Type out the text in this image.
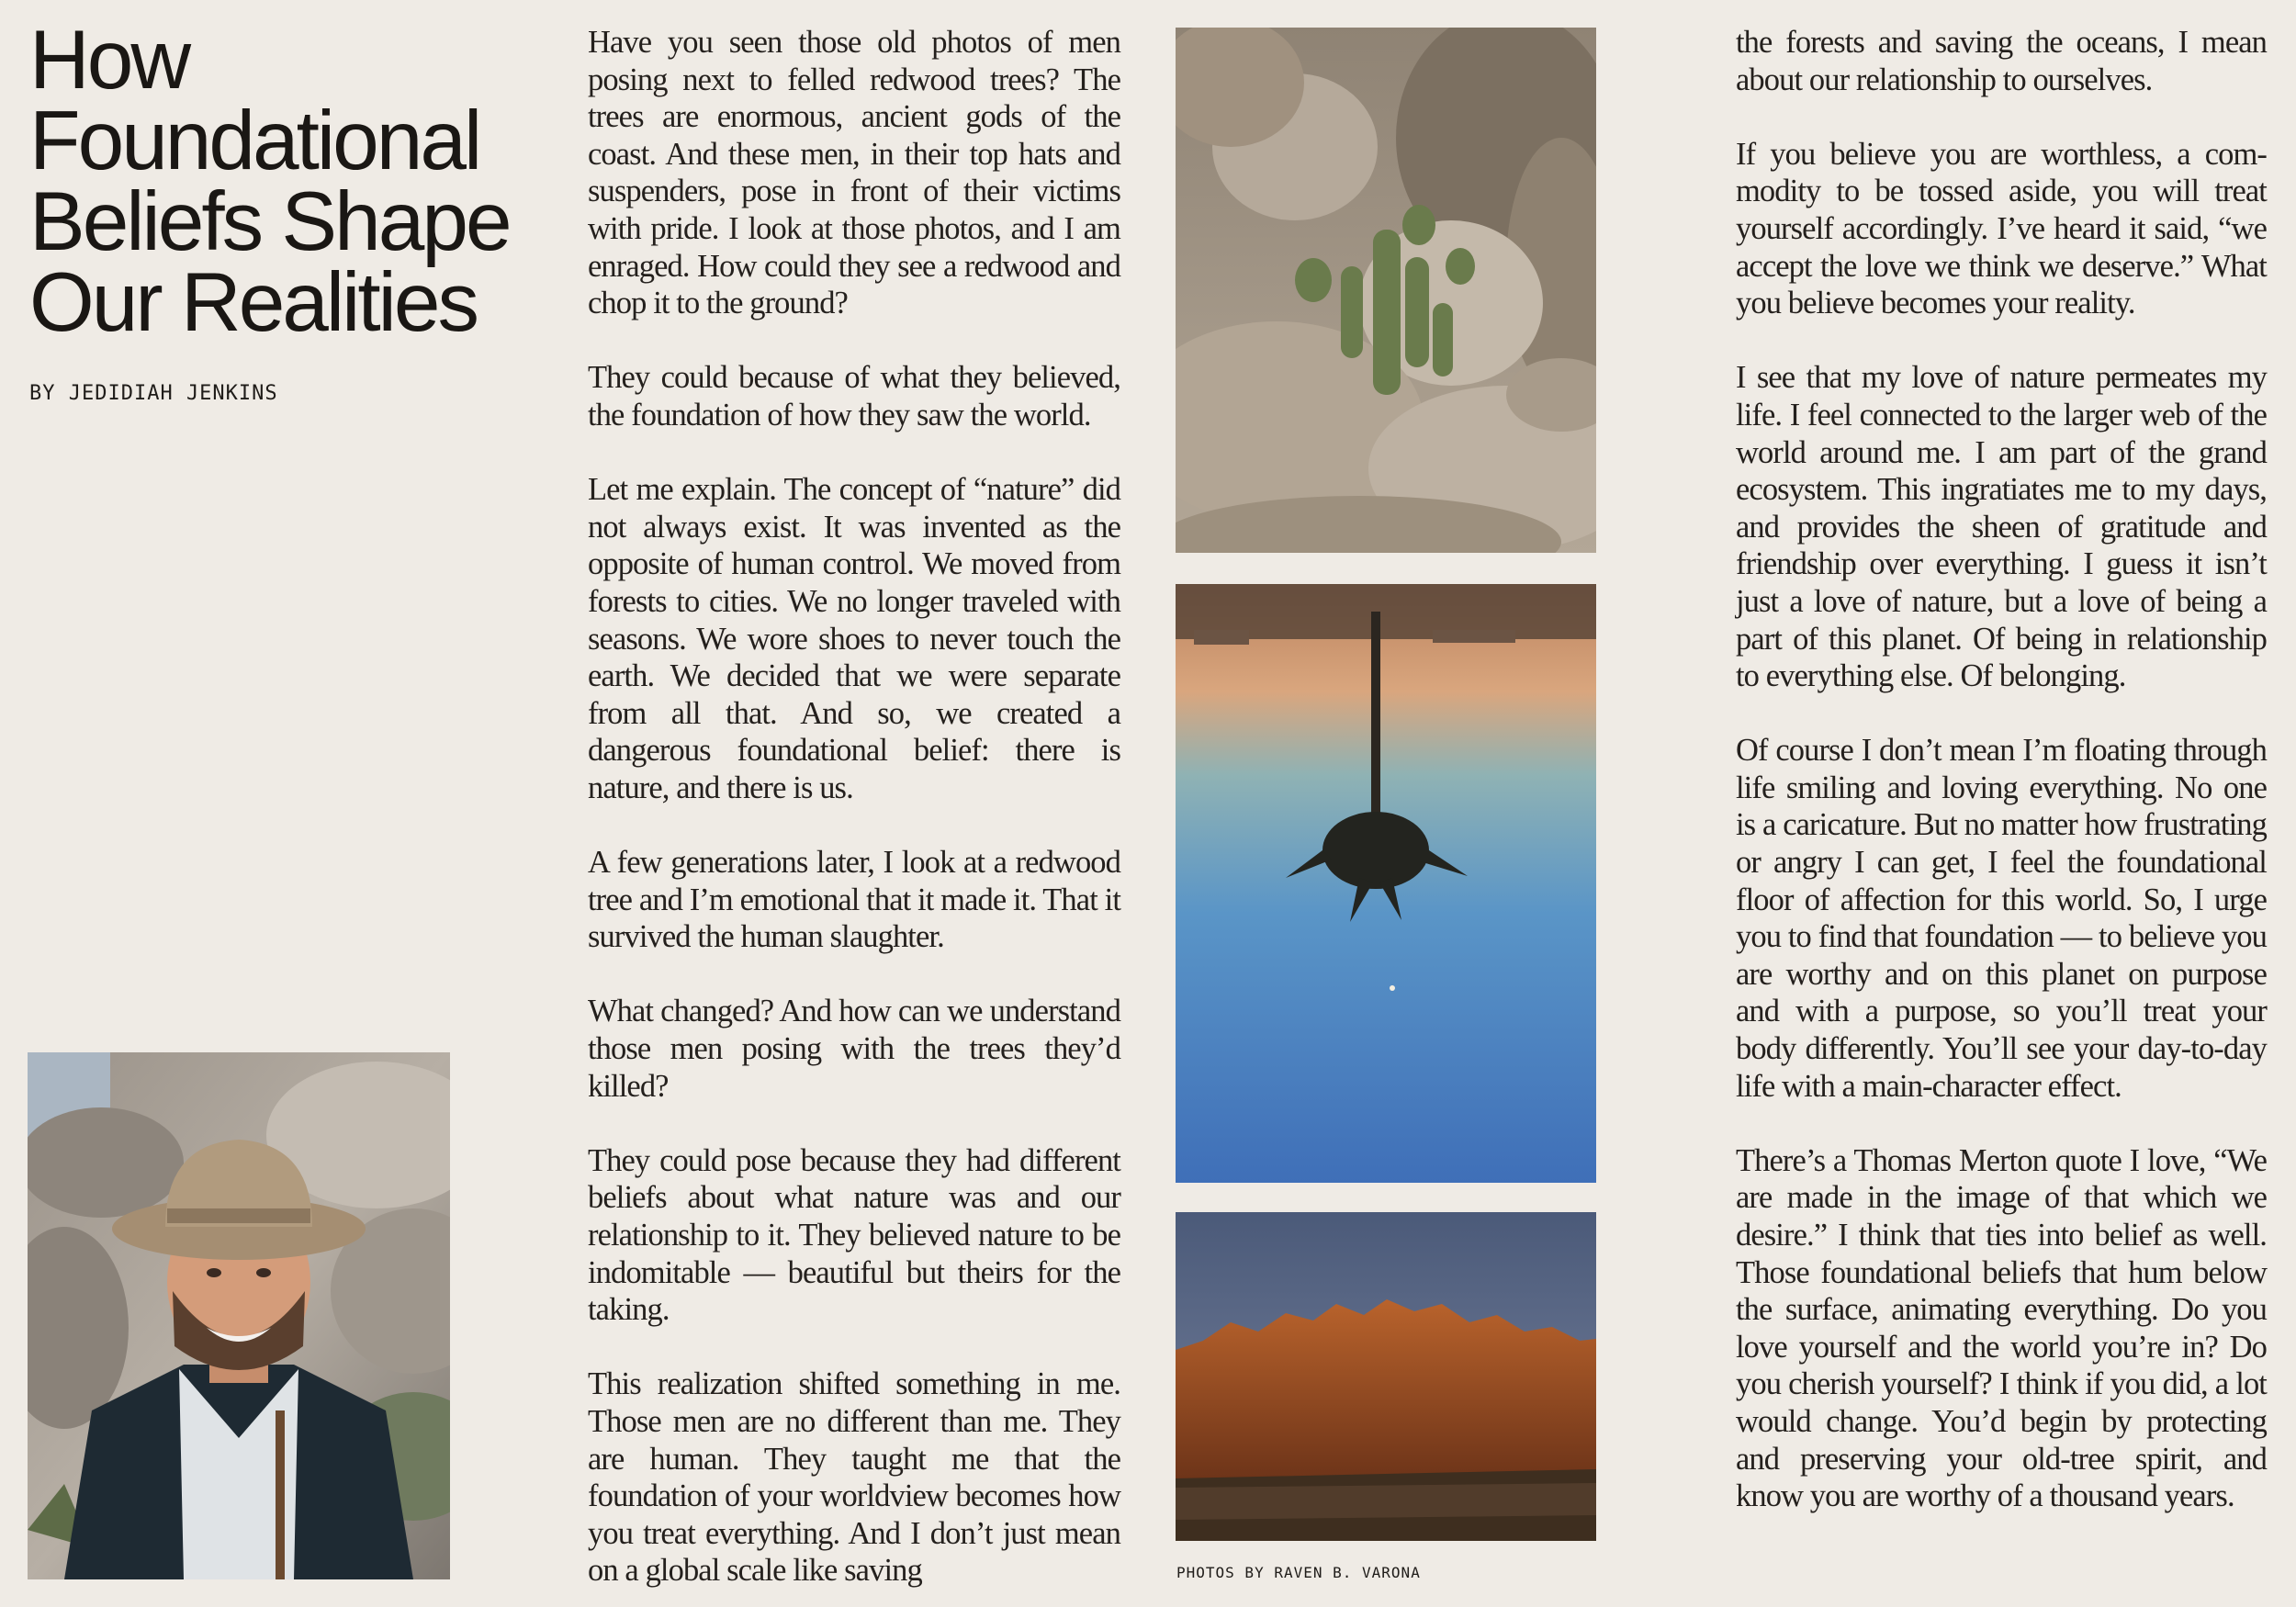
How Foundational Beliefs Shape Our Realities
BY JEDIDIAH JENKINS

Have you seen those old photos of men posing next to felled redwood trees? The trees are enormous, ancient gods of the coast. And these men, in their top hats and suspenders, pose in front of their victims with pride. I look at those photos, and I am enraged. How could they see a redwood and chop it to the ground?

They could because of what they believed, the foundation of how they saw the world.

Let me explain. The concept of “nature” did not always exist. It was invented as the opposite of human control. We moved from forests to cities. We no longer traveled with seasons. We wore shoes to never touch the earth. We decided that we were separate from all that. And so, we created a dangerous foundational belief: there is nature, and there is us.

A few generations later, I look at a redwood tree and I’m emotional that it made it. That it survived the human slaughter.

What changed? And how can we understand those men posing with the trees they’d killed?

They could pose because they had different beliefs about what nature was and our relationship to it. They believed nature to be indomitable — beautiful but theirs for the taking.

This realization shifted something in me. Those men are no different than me. They are human. They taught me that the foundation of your worldview becomes how you treat everything. And I don’t just mean on a global scale like saving	PHOTOS BY RAVEN B. VARONA

the forests and saving the oceans, I mean about our relationship to ourselves.

If you believe you are worthless, a com-modity to be tossed aside, you will treat yourself accordingly. I’ve heard it said, “we accept the love we think we deserve.” What you believe becomes your reality.

I see that my love of nature permeates my life. I feel connected to the larger web of the world around me. I am part of the grand ecosystem. This ingratiates me to my days, and provides the sheen of gratitude and friendship over everything. I guess it isn’t just a love of nature, but a love of being a part of this planet. Of being in relationship to everything else. Of belonging.

Of course I don’t mean I’m floating through life smiling and loving everything. No one is a caricature. But no matter how frustrating or angry I can get, I feel the foundational floor of affection for this world. So, I urge you to find that foundation — to believe you are worthy and on this planet on purpose and with a purpose, so you’ll treat your body differently. You’ll see your day-to-day life with a main-character effect.

There’s a Thomas Merton quote I love, “We are made in the image of that which we desire.” I think that ties into belief as well. Those foundational beliefs that hum below the surface, animating everything. Do you love yourself and the world you’re in? Do you cherish yourself? I think if you did, a lot would change. You’d begin by protecting and preserving your old-tree spirit, and know you are worthy of a thousand years.
